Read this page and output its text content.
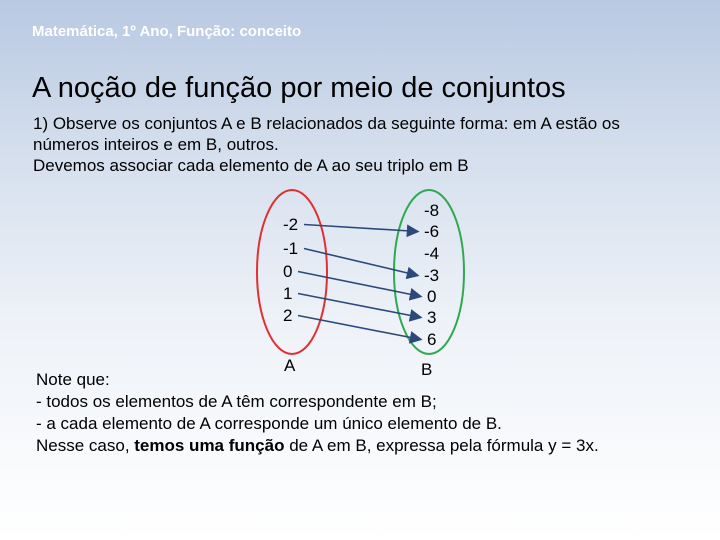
Matemática, 1º Ano, Função: conceito
A noção de função por meio de conjuntos

1) Observe os conjuntos A e B relacionados da seguinte forma: em A estão os números inteiros e em B, outros.

Devemos associar cada elemento de A ao seu triplo em B

A	B
-2
-1
0
1
2
-8
-6
-4
-3
0
3
6

Note que:

- todos os elementos de A têm correspondente em B;

- a cada elemento de A corresponde um único elemento de B.

Nesse caso, temos uma função de A em B, expressa pela fórmula y = 3x.
